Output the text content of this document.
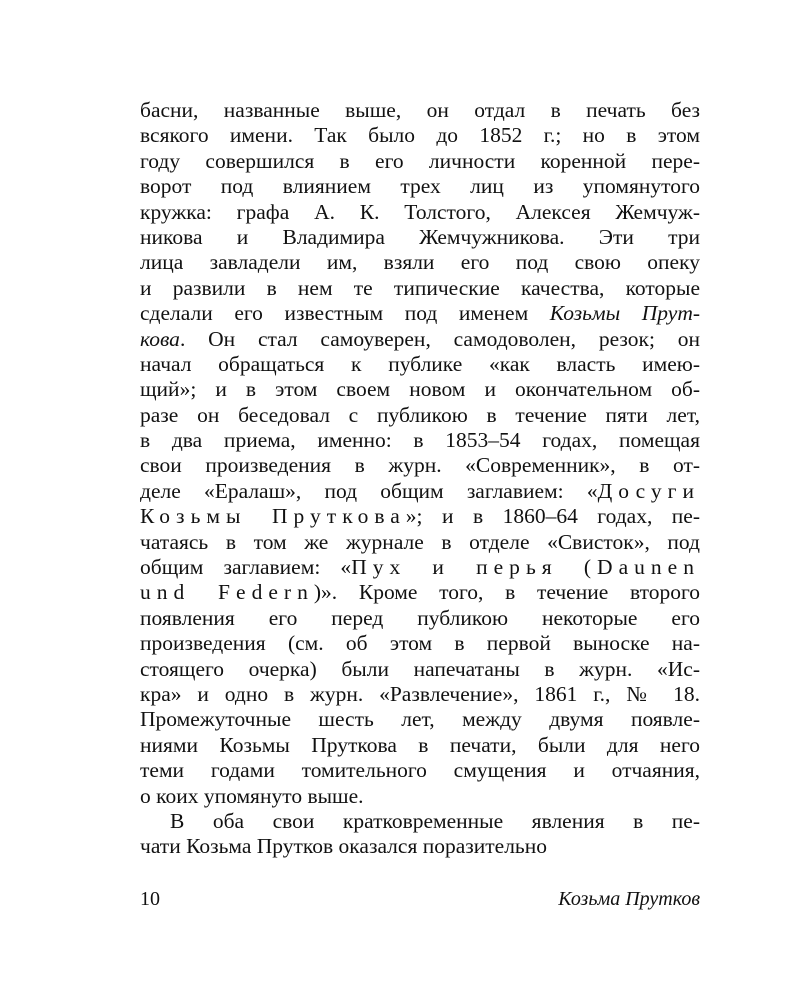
басни, названные выше, он отдал в печать без
всякого имени. Так было до 1852 г.; но в этом
году совершился в его личности коренной пере-
ворот под влиянием трех лиц из упомянутого
кружка: графа А. К. Толстого, Алексея Жемчуж-
никова и Владимира Жемчужникова. Эти три
лица завладели им, взяли его под свою опеку
и развили в нем те типические качества, которые
сделали его известным под именем Козьмы Прут-
кова. Он стал самоуверен, самодоволен, резок; он
начал обращаться к публике «как власть имею-
щий»; и в этом своем новом и окончательном об-
разе он беседовал с публикою в течение пяти лет,
в два приема, именно: в 1853–54 годах, помещая
свои произведения в журн. «Современник», в от-
деле «Ералаш», под общим заглавием: «Досуги
Козьмы Пруткова»; и в 1860–64 годах, пе-
чатаясь в том же журнале в отделе «Свисток», под
общим заглавием: «Пух и перья (Daunen
und Federn)». Кроме того, в течение второго
появления его перед публикою некоторые его
произведения (см. об этом в первой выноске на-
стоящего очерка) были напечатаны в журн. «Ис-
кра» и одно в журн. «Развлечение», 1861 г., № 18.
Промежуточные шесть лет, между двумя появле-
ниями Козьмы Пруткова в печати, были для него
теми годами томительного смущения и отчаяния,
о коих упомянуто выше.
В оба свои кратковременные явления в пе-
чати Козьма Прутков оказался поразительно
10	Козьма Прутков
